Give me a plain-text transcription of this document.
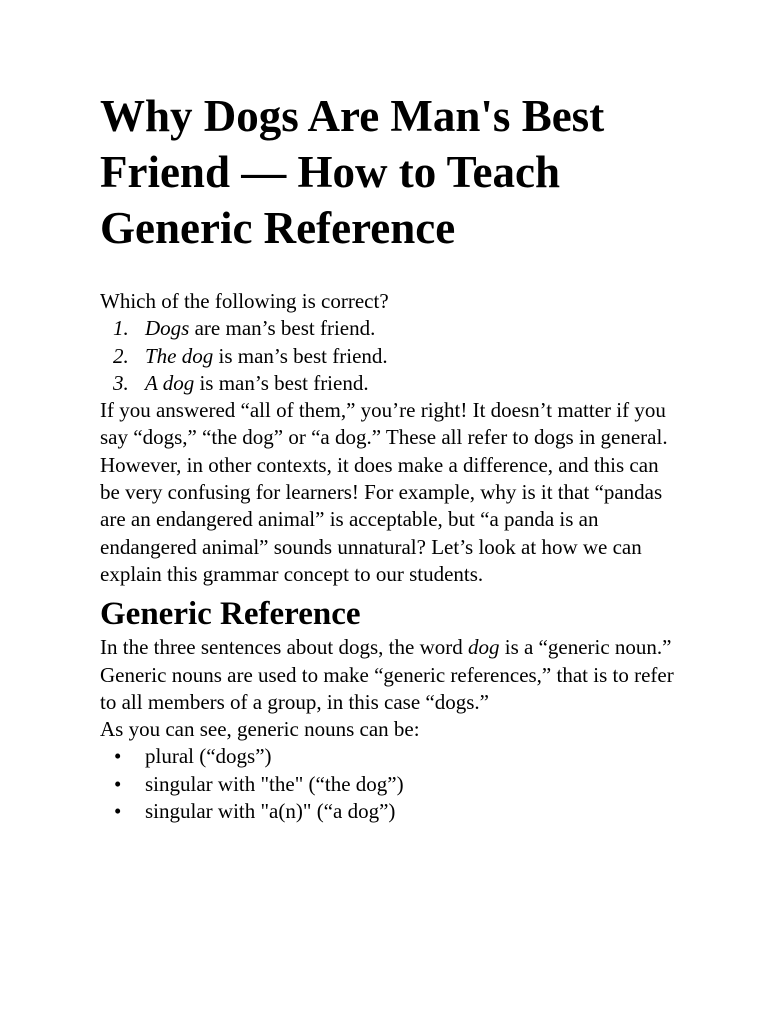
Why Dogs Are Man's Best Friend — How to Teach Generic Reference

Which of the following is correct?

1. Dogs are man’s best friend.
2. The dog is man’s best friend.
3. A dog is man’s best friend.

If you answered “all of them,” you’re right! It doesn’t matter if you say “dogs,” “the dog” or “a dog.” These all refer to dogs in general.

However, in other contexts, it does make a difference, and this can be very confusing for learners! For example, why is it that “pandas are an endangered animal” is acceptable, but “a panda is an endangered animal” sounds unnatural? Let’s look at how we can explain this grammar concept to our students.

Generic Reference

In the three sentences about dogs, the word dog is a “generic noun.” Generic nouns are used to make “generic references,” that is to refer to all members of a group, in this case “dogs.”

As you can see, generic nouns can be:

• plural (“dogs”)
• singular with "the" (“the dog”)
• singular with "a(n)" (“a dog”)
